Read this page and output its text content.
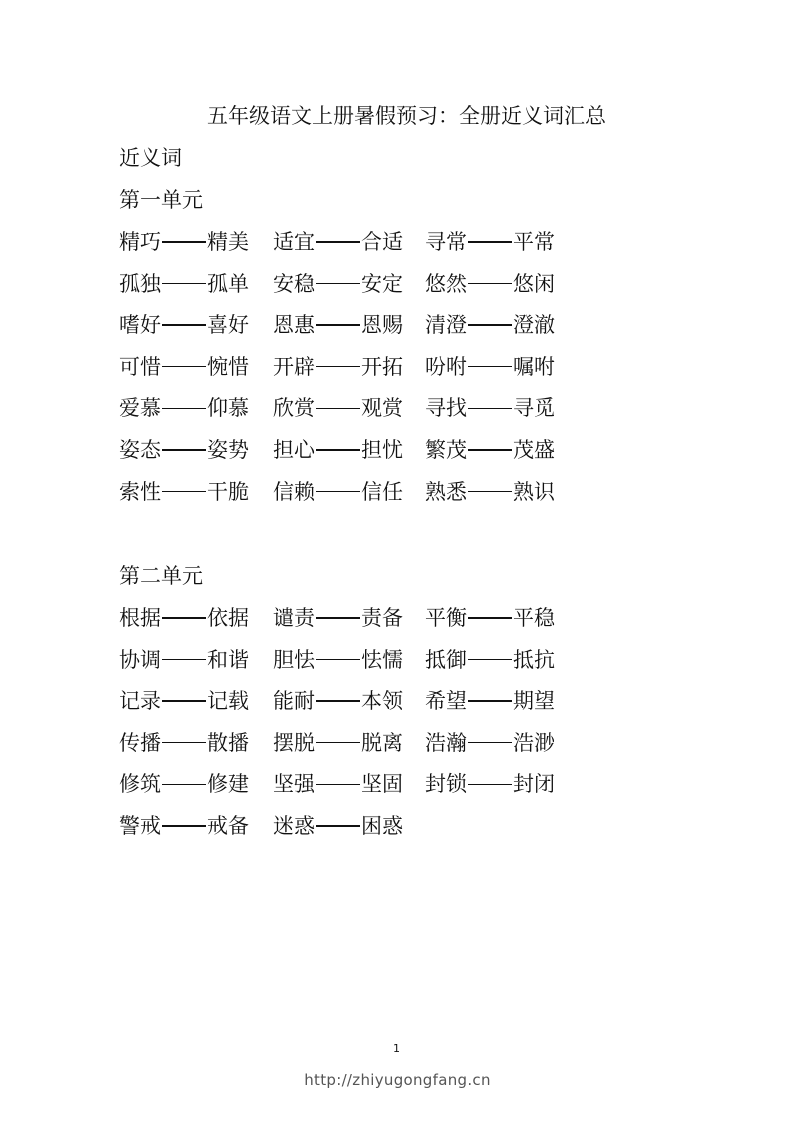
五年级语文上册暑假预习：全册近义词汇总
近义词
第一单元
精巧 精美 适宜 合适 寻常 平常
孤独 孤单 安稳 安定 悠然 悠闲
嗜好 喜好 恩惠 恩赐 清澄 澄澈
可惜 惋惜 开辟 开拓 吩咐 嘱咐
爱慕 仰慕 欣赏 观赏 寻找 寻觅
姿态 姿势 担心 担忧 繁茂 茂盛
索性 干脆 信赖 信任 熟悉 熟识
第二单元
根据 依据 谴责 责备 平衡 平稳
协调 和谐 胆怯 怯懦 抵御 抵抗
记录 记载 能耐 本领 希望 期望
传播 散播 摆脱 脱离 浩瀚 浩渺
修筑 修建 坚强 坚固 封锁 封闭
警戒 戒备 迷惑 困惑
1
http://zhiyugongfang.cn
